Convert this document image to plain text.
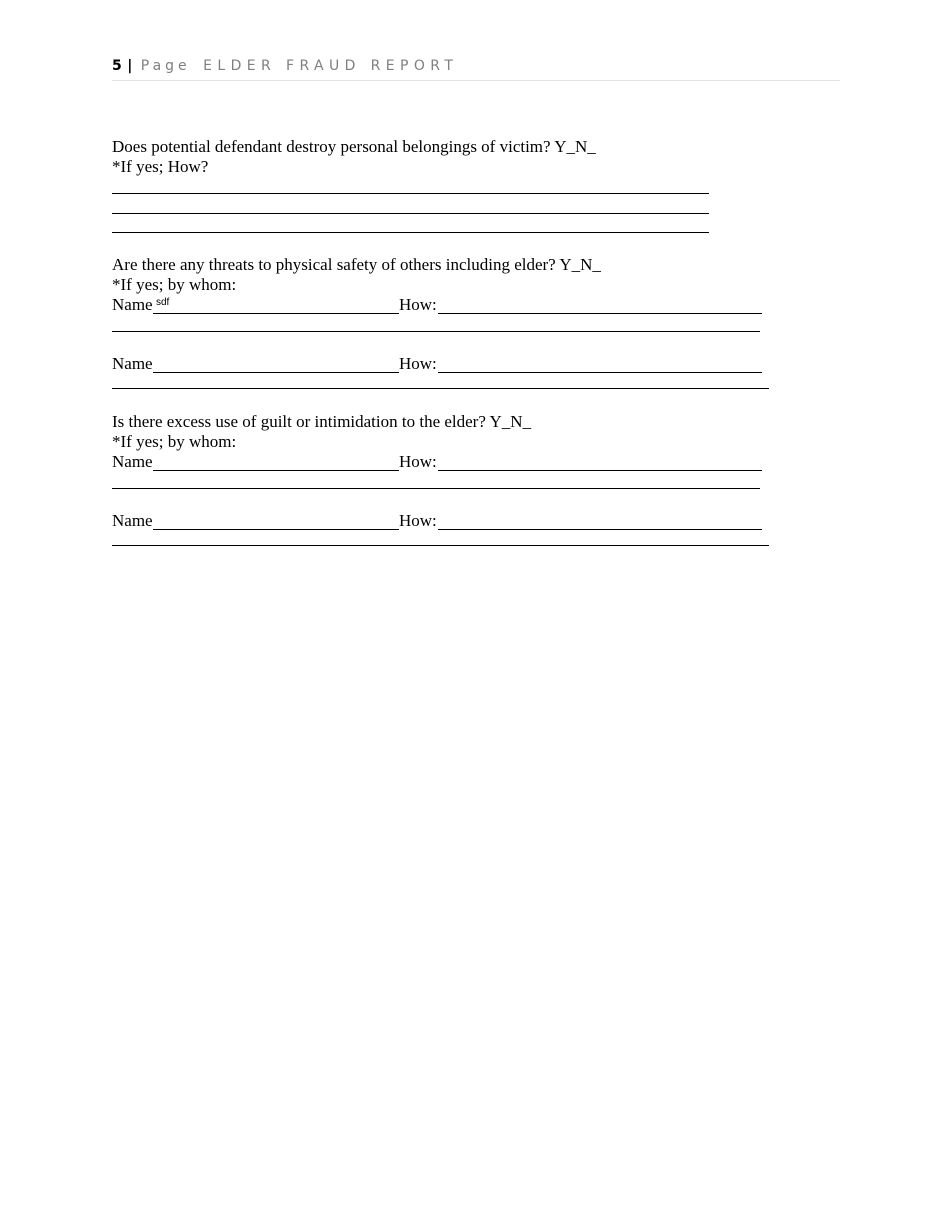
5 | Page ELDER FRAUD REPORT
Does potential defendant destroy personal belongings of victim? Y_N_
*If yes; How?
Are there any threats to physical safety of others including elder? Y_N_
*If yes; by whom:
Name sdf	How:
Name	How:
Is there excess use of guilt or intimidation to the elder? Y_N_
*If yes; by whom:
Name	How:
Name	How:
